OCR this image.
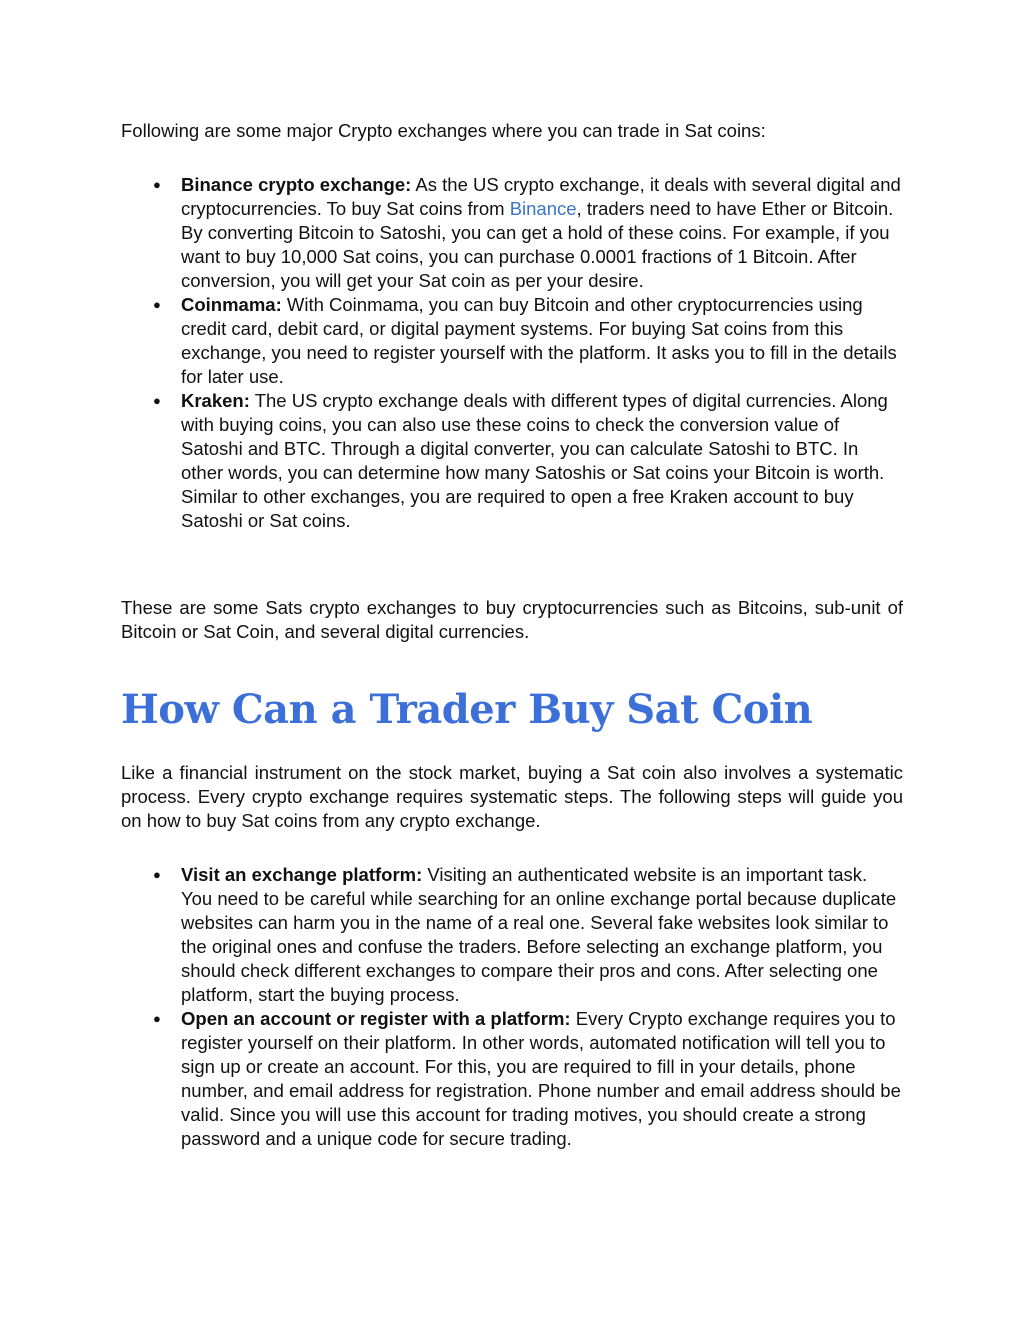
Following are some major Crypto exchanges where you can trade in Sat coins:

● Binance crypto exchange: As the US crypto exchange, it deals with several digital and cryptocurrencies. To buy Sat coins from Binance, traders need to have Ether or Bitcoin. By converting Bitcoin to Satoshi, you can get a hold of these coins. For example, if you want to buy 10,000 Sat coins, you can purchase 0.0001 fractions of 1 Bitcoin. After conversion, you will get your Sat coin as per your desire.
● Coinmama: With Coinmama, you can buy Bitcoin and other cryptocurrencies using credit card, debit card, or digital payment systems. For buying Sat coins from this exchange, you need to register yourself with the platform. It asks you to fill in the details for later use.
● Kraken: The US crypto exchange deals with different types of digital currencies. Along with buying coins, you can also use these coins to check the conversion value of Satoshi and BTC. Through a digital converter, you can calculate Satoshi to BTC. In other words, you can determine how many Satoshis or Sat coins your Bitcoin is worth. Similar to other exchanges, you are required to open a free Kraken account to buy Satoshi or Sat coins.

These are some Sats crypto exchanges to buy cryptocurrencies such as Bitcoins, sub-unit of Bitcoin or Sat Coin, and several digital currencies.

How Can a Trader Buy Sat Coin

Like a financial instrument on the stock market, buying a Sat coin also involves a systematic process. Every crypto exchange requires systematic steps. The following steps will guide you on how to buy Sat coins from any crypto exchange.

● Visit an exchange platform: Visiting an authenticated website is an important task. You need to be careful while searching for an online exchange portal because duplicate websites can harm you in the name of a real one. Several fake websites look similar to the original ones and confuse the traders. Before selecting an exchange platform, you should check different exchanges to compare their pros and cons. After selecting one platform, start the buying process.
● Open an account or register with a platform: Every Crypto exchange requires you to register yourself on their platform. In other words, automated notification will tell you to sign up or create an account. For this, you are required to fill in your details, phone number, and email address for registration. Phone number and email address should be valid. Since you will use this account for trading motives, you should create a strong password and a unique code for secure trading.
